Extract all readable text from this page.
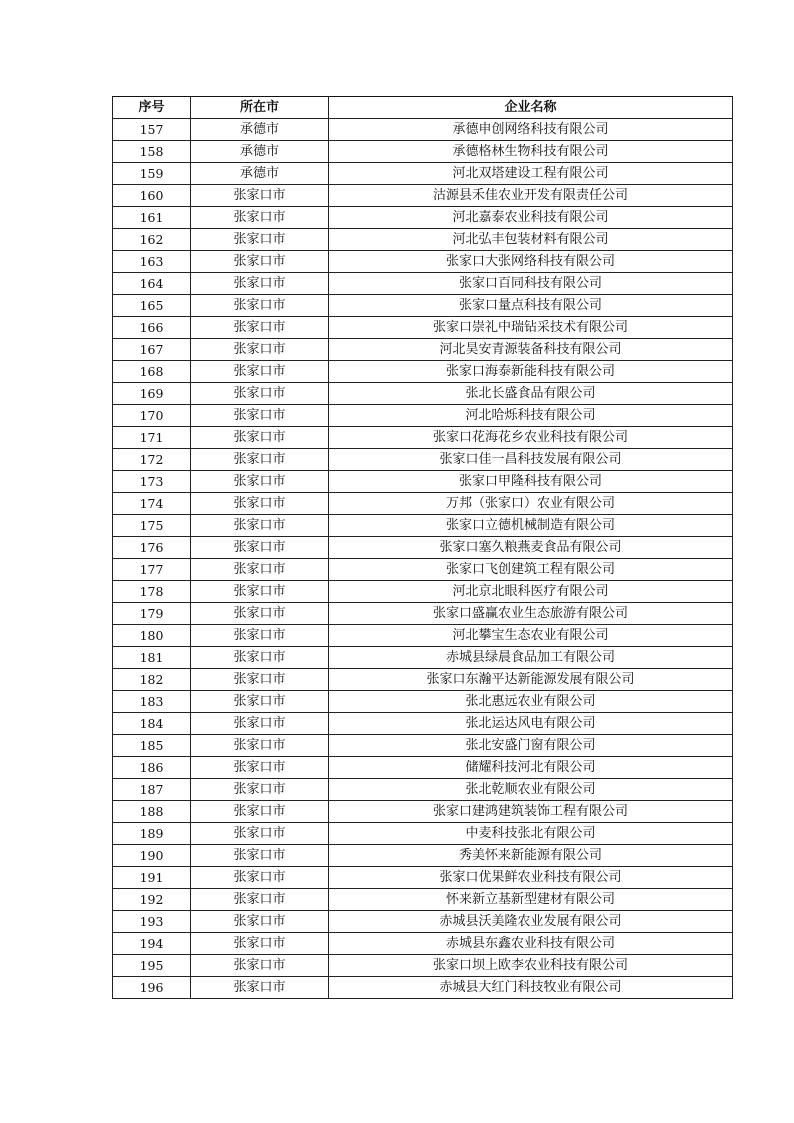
序号	所在市	企业名称
157	承德市	承德申创网络科技有限公司
158	承德市	承德格林生物科技有限公司
159	承德市	河北双塔建设工程有限公司
160	张家口市	沽源县禾佳农业开发有限责任公司
161	张家口市	河北嘉泰农业科技有限公司
162	张家口市	河北弘丰包装材料有限公司
163	张家口市	张家口大张网络科技有限公司
164	张家口市	张家口百同科技有限公司
165	张家口市	张家口量点科技有限公司
166	张家口市	张家口崇礼中瑞钻采技术有限公司
167	张家口市	河北昊安青源装备科技有限公司
168	张家口市	张家口海泰新能科技有限公司
169	张家口市	张北长盛食品有限公司
170	张家口市	河北哈烁科技有限公司
171	张家口市	张家口花海花乡农业科技有限公司
172	张家口市	张家口佳一昌科技发展有限公司
173	张家口市	张家口甲隆科技有限公司
174	张家口市	万邦（张家口）农业有限公司
175	张家口市	张家口立德机械制造有限公司
176	张家口市	张家口塞久粮燕麦食品有限公司
177	张家口市	张家口飞创建筑工程有限公司
178	张家口市	河北京北眼科医疗有限公司
179	张家口市	张家口盛赢农业生态旅游有限公司
180	张家口市	河北攀宝生态农业有限公司
181	张家口市	赤城县绿晨食品加工有限公司
182	张家口市	张家口东瀚平达新能源发展有限公司
183	张家口市	张北惠远农业有限公司
184	张家口市	张北运达风电有限公司
185	张家口市	张北安盛门窗有限公司
186	张家口市	储耀科技河北有限公司
187	张家口市	张北乾顺农业有限公司
188	张家口市	张家口建鸿建筑装饰工程有限公司
189	张家口市	中麦科技张北有限公司
190	张家口市	秀美怀来新能源有限公司
191	张家口市	张家口优果鲜农业科技有限公司
192	张家口市	怀来新立基新型建材有限公司
193	张家口市	赤城县沃美隆农业发展有限公司
194	张家口市	赤城县东鑫农业科技有限公司
195	张家口市	张家口坝上欧李农业科技有限公司
196	张家口市	赤城县大红门科技牧业有限公司
